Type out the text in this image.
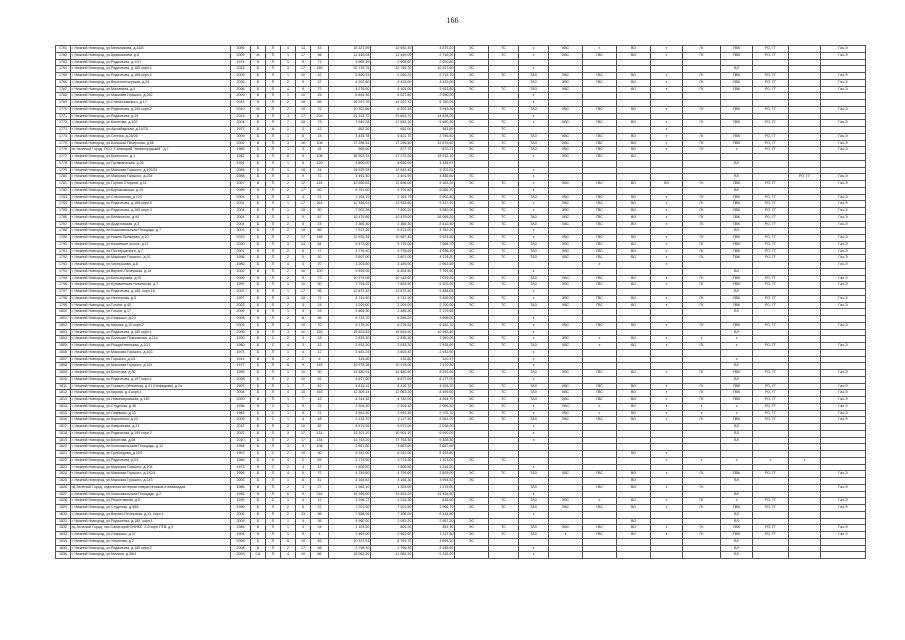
166
1761	г. Нижний Новгород, ул.Мельникова, д.16/8	2006	Б	П	4	13	43	15 337,99	10 692,40	4 879,20	ЭС	ТС	x	ХВС	x	ВО	x	ГК	ПВК	РО, ГГ		Газ-Э
1762	г. Нижний Новгород, ул.Кривошеина, д.6	2009	М	П	1	17	96	11 449,04	11 449,00	2 715,29	ЭС	ТС	x	ХВС	ГВС	ВО	x	ГК	ПВК	РО, ГГ		Газ-Э
1763	г. Нижний Новгород, ул.Родионова, д.11/1	1974	Б	П	1	5	71	3 965,19	2 905,60	2 920,80												
1764	г. Нижний Новгород, ул.Родионова, д.165 корп.1	2023	Б	П	3	17	169	22 733,79	12 745,70	10 317,60	ЭС		x						ВЛ			
1765	г. Нижний Новгород, ул.Родионова, д.165 корп.2	2005	Б	П	1	10	32	2 590,33	2 050,20	2 713,70	ЭС	ТС	ТАЗ	ХВС	ГВС	ВО	x	ГК	ПВК	РО, ГГ		Газ-Э
1766	г. Нижний Новгород, ул.Верхнепечерская, д.24	2005	Б	П	2	9	27	4 202,80	4 433,00	4 433,00	ЭС		ТАЗ	ХВС	ГВС	ВО	x	ГК	ПВК	РО, ГГ		Газ-Э
1767	г. Нижний Новгород, ул.Малинина, д.4	2006	Б	П	4	8	72	4 276,00	4 101,00	3 933,80	ЭС	ТС	ТАЗ	ХВС		ВО	x	ГК	ПВК	РО, ГГ		Газ-Э
1768	г. Нижний Новгород, ул.Максима Горького, д.252	2009	Б	П	1	10	25	6 844,36	6 027,80	2 550,00			x									
1769	г. Нижний Новгород, ул.Станиславского, д.17	2013	Б	П	2	10	66	16 297,76	14 207,70	5 780,09			x									
1770	г. Нижний Новгород, ул.Родионова, д.195 корп.2	2010	М	П	2	10	72	10 302,66	6 202,39	3 943,30	ЭС	ТС	ТАЗ	ХВС	ГВС	ВО	x	ГК	ПВК	РО, ГГ		Газ-Э
1771	г. Нижний Новгород, ул.Родионова, д.29	2013	Б	П	3	17	203	21 313,72	23 653,70	14 828,00			x									
1772	г. Нижний Новгород, ул.Бекетова, д.102	2004	Б	П	7	10	73	7 949,28	17 653,10	5 460,30	ЭС	ТС	x	ХВС	ГВС	ВО	x	ГК	ПВК	РО, ГГ		Газ-Э
1773	г. Нижний Новгород, ул.Ашхабадская, д.14/78	1977	Б	К	1	3	12	652,20	652,00	483,59		ТС					x					
1774	г. Нижний Новгород, ул.Сенная, д.25/26	2009	Б	П	1	6	24	3 435,78	5 821,70	2 759,80	ЭС	ТС	ТАЗ	ХВС	ГВС	ВО	x	ГК	ПВК	РО, ГГ		Газ-Э
1775	г. Нижний Новгород, ул.Большая Печерская, д.66	2002	Б	П	3	16	108	17 296,51	17 296,50	12 876,60	ЭС	ТС	ТАЗ	ХВС	ГВС	ВО	x	ГК	ПВК	РО, ГГ		Газ-Э
1776	пс.Зеленый Город, ОСО "Санаторий "Нижегородский", д.7	1985	Б	П	1	3	24	965,60	877,70	870,71	ЭС	ТС	ТАЗ	ХВС	ГВС	ВО	x	ГК	x	РО, ГГ		Газ-Э
1777	г. Нижний Новгород, ул.Бринского, д.1	1982	Б	П	8	9	108	36 902,78	17 273,20	15 232,10	ЭС		x	ХВС	ГВС	ВО						
1778	г. Нижний Новгород, ул.Провиантская, д.26	1991	Б	П	1	9	120	4 800,00	6 650,00	3 335,57									ВЛ			
1779	г. Нижний Новгород, ул.Максима Горького, д.192/24	2004	Б	П	1	18	44	16 925,78	12 543,40	3 702,81			x									
1780	г. Нижний Новгород, ул.Максима Горького, д.234	1988	Б	П	1	9	72	3 491,50	3 491,90	4 485,60	ТС		x						ВЛ		РО, ГГ	Газ-Э
1781	г. Нижний Новгород, ул.Горная Сторона, д.11	2007	Б	П	2	12	124	10 990,63	12 896,00	9 163,20	ЭС	ТС	x	ХВС	ГВС	ВО	ВЛ	ГК	ПВК	РО, ГГ		Газ-Э
1782	г. Нижний Новгород, ул.Бурнаковская, д.15	2006	Б	П	2	17	60	8 791,60	4 791,80	6 265,70			x						ВЛ			
1783	г. Нижний Новгород, ул.Стеклянная, д.124	2004	Б	П	3	4	21	2 164,79	2 164,79	2 902,80	ЭС	ТС	ТАЗ	ХВС	ГВС	ВО	x	ГК	ПВК	РО, ГГ		Газ-Э
1784	г. Нижний Новгород, ул.Родионова, д.165 корп.5	2001	Б	П	1	17	263	12 335,01	12 933,60	9 317,40	ЭС	ТС	x	ХВС	ГВС	ВО	x	ГК	ПВК	РО, ГГ		Газ-Э
1785	г. Нижний Новгород, ул.Родионова, д.165 корп.3	2004	Б	П	1	10	50	7 902,28	7 400,20	3 580,00	ЭС	ТС	x	ХВС	ГВС	ВО	x	ГК	ПВК	РО, ГГ		Газ-Э
1786	г. Нижний Новгород, ул.Белинского, д.94	2004	Б	П	1	9	67	10 479,86	10 479,00	16 065,20	ЭС	ТС	ТАЗ	ХВС	ГВС	ВО	x	ГК	ПВК	РО, ГГ		Газ-Э
1787	г. Нижний Новгород, ул.Ардатовская, д.5	2004	Б	П	2	5	24	2 365,30	2 365,30	2 442,80	ЭС	ТС	ТАЗ	ХВС	ГВС	ВО	x	ГК	ПВК	РО, ГГ		Газ-Э
1788	г. Нижний Новгород, пл.Комсомольская Площадь, д.7	2003	Б	П	2	10	86	7 517,26	6 474,00	3 762,20			x						ВЛ			
1789	г. Нижний Новгород, ул.Нижне-Волжская, д.10	2023	Б	П	2	17	168	12 935,34	10 587,40	9 924,80	ЭС	ТС	x	ХВС	ГВС	ВО	x	ГК	ПВК	РО, ГГ		Газ-Э
1790	г. Нижний Новгород, ул.Казанское шоссе, д.11	2000	Б	П	3	14	84	9 473,00	5 776,00	7 568,70	ЭС	ТС	ТАЗ	ХВС	ГВС	ВО	x	ГК	ПВК	РО, ГГ		Газ-Э
1791	г. Нижний Новгород, пл.Пестеровского, д.7	2001	Б	П	2	5	17	4 776,40	4 776,60	4 936,30	ЭС	ТС	ТАЗ	ХВС	ГВС	ВО	x	ГК	ПВК	РО, ГГ		Газ-Э
1792	г. Нижний Новгород, ул.Максима Горького, д.52	1996	Б	П	2	5	30	3 607,00	3 607,00	4 724,20	ЭС	ТС	ТАЗ	ХВС	ГВС	ВО	x	ГК	ПВК	РО, ГГ		Газ-Э
1793	г. Нижний Новгород, ул.Чернышова, д.8	1986	Б	П	4	4	70	3 203,60	3 189,90	2 962,50	ЭС				x		x					Газ-Э
1794	г. Нижний Новгород, ул.Верхне-Печерская, д.1а	2002	Б	П	2	10	100	9 539,06	8 454,50	7 701,60			x						ВЛ			
1795	г. Нижний Новгород, ул.Белозерская, д.92	2009	Б	П	2	5	72	10 374,08	10 143,60	7 079,20	ЭС	ТС	ТАЗ	ХВС	ГВС	ВО	x	ГК	ПВК	РО, ГГ		Газ-Э
1796	г. Нижний Новгород, ул.Кунавинская Новинская, д.7	1992	Б	П	1	10	50	7 794,02	7 894,90	5 320,00	ЭС	ТС	ТАЗ	ХВС	ГВС	ВО	x	ГК	ПВК	РО, ГГ		Газ-Э
1797	г. Нижний Новгород, ул.Родионова, д.165, корп.16	2007	Б	П	1	17	96	12 872,32	12 872,30	9 485,05			x						ВЛ			
1798	г. Нижний Новгород, ул.Нестерова, д.5	1997	Б	П	3	10	71	4 741,90	4 741,90	3 495,20	ЭС	ТС	x	ХВС	ГВС	ВО	x	ГК	ПВК	РО, ГГ		Газ-Э
1799	г. Нижний Новгород, ул.Гоголя, д.40	2003	Б	П	2	3	24	3 209,00	3 209,00	2 700,00	ЭС	ТС	ТАЗ	ХВС	ГВС	ВО	x	ГК	ПВК	РО, ГГ		Газ-Э
1800	г. Нижний Новгород, ул.Гоголя, д.17	2009	Б	П	1	5	23	3 469,30	2 485,20	2 179,65									ВЛ			
1801	г. Нижний Новгород, ул.Семашко, д.23	2008	Б	П	2	8	96	8 733,70	6 286,20	3 695,00			x									
1802	г. Нижний Новгород, пр.Кирова, д.10 корп.2	2003	Б	П	3	10	70	6 278,20	6 278,20	6 182,70	ЭС	ТС	x	ХВС	ГВС	ВО	x	ГК	ПВК	РО, ГГ		Газ-Э
1803	г. Нижний Новгород, ул.Родионова, д.165 корп.1	2006	Б	П	3	10	160	15 524,83	15 524,90	10 993,40			x						ВЛ			
1804	г. Нижний Новгород, пл.Большая Покровская, д.11а	1930	Б	С	2	4	18	2 835,30	2 835,30	1 940,00	ЭС	ТС	x	ХВС	x	ВО	x	x	x			
1805	г. Нижний Новгород, ул.Рождественская, д.10/1	1960	Б	С	4	3	12	2 933,30	2 933,20	2 928,60	ЭС	ТС	ТАЗ	ХВС	x	ВО	x	ГК	x	РО, ГГ		Газ-Э
1806	г. Нижний Новгород, ул.Максима Горького, д.163	1974	Б	П	1	4	12	2 643,24	3 603,40	2 942,90			x									
1807	г. Нижний Новгород, пл.Горького, д.4/1	1914	Б	К	2	2	6	315,80	315,80	320,37			x						x			
1808	г. Нижний Новгород, ул.Максима Горького, д.151	1977	Б	П	6	9	163	10 978,38	10 978,00	7 470,30			x						ВЛ			
1809	г. Нижний Новгород, ул.Бекетова, д.39	1995	Б	П	1	10	50	14 480,91	14 480,90	8 292,00	ЭС	ТС	ТАЗ	ХВС	ГВС	ВО	x	ГК	ПВК	РО, ГГ		Газ-Э
1810	г. Нижний Новгород, ул.Родионова, д.197 корп.1	2008	Б	П	2	10	51	6 677,00	6 677,00	6 177,00			x						ВЛ			
1811	г. Нижний Новгород, ул.Горького (Ильинка), д.31 (Нефедова), д.2а	1997	Б	П	1	7	52	4 416,12	4 416,70	4 293,70	ЭС	ТС	ТАЗ	ХВС	ГВС	ВО	x	ГК	ПВК	РО, ГГ		Газ-Э
1812	г. Нижний Новгород, ул.Кирова, д.4 корп.1	2004	Б	П	4	10	163	12 309,14	12 063,20	8 499,60	ЭС	ТС	ТАЗ	ХВС	ГВС	ВО	x	ГК	ПВК	РО, ГГ		Газ-Э
1813	г. Нижний Новгород, ул.Новопокровская, д.13б	2000	Б	П	1	7	43	4 744,32	4 742,00	4 264,70	ЭС	ТС	ТАЗ	ХВС	ГВС	ВО	x	ГК	ПВК	РО, ГГ		Газ-Э
1814	г. Нижний Новгород, ул.Студеная, д.36	1936	Б	С	1	5	21	2 304,30	2 304,30	2 056,40	ЭС	ТС	x	ХВС	x	ВО	x	x	x	РО, ГГ		Газ-Э
1815	г. Нижний Новгород, ул.Семашко, д.33	1983	Б	С	1	5	21	3 943,30	3 943,30	2 702,70	ЭС	ТС	x	ХВС	x	ВО	x	x	x	РО, ГГ		Газ-Э
1816	г. Нижний Новгород, ул.Короленко, д.23	2005	Б	С	1	4	18	2 132,70	2 117,30	2 261,20	ЭС	ТС	ТАЗ	ХВС	ГВС	ВО	x	ГК	ПВК	РО, ГГ		Газ-Э
1817	г. Нижний Новгород, ул.Ковровская, д.21	2012	Б	П	2	10	82	5 571,99	5 971,00	2 038,00			x						ВЛ			
1818	г. Нижний Новгород, ул.Родионова, д.195 корп.2	2022	Б	П	3	17	131	13 101,10	10 901,10	6 990,00			x						ВЛ			
1819	г. Нижний Новгород, ул.Бекетова, д.64	2010	Б	П	2	17	134	13 743,20	17 753,30	9 428,30			x						ВЛ			
1820	г. Нижний Новгород, пл.Комсомольская Площадь, д.12	1958	Б	П	3	5	108	2 667,60	3 667,60	2 667,60												
1821	г. Нижний Новгород, ул.Грибоедова, д.30/1	1957	Б	С	2	10	90	6 242,00	6 242,00	5 193,80						ВО	x					
1822	г. Нижний Новгород, ул.Родионова, д.04	1986	Б	К	4	2	69	3 774,50	3 774,30	1 323,00	ЭС	ТС					x	x	x	x	x	
1823	г. Нижний Новгород, ул.Максима Горького, д.104	1973	Б	С	2	4	12	1 606,50	1 606,50	1 216,20			x									
1824	г. Нижний Новгород, ул.Максима Горького, д.142/4	1996	Б	П	4	5	72	4 799,60	4 799,60	2 809,00	ЭС	ТС	ТАЗ	ХВС	ГВС	ВО	x	ГК	ПВК	РО, ГГ		Газ-Э
1825	г. Нижний Новгород, ул.Максима Горького, д.143	2003	Б	П	1	6	51	4 164,52	4 164,30	3 994,62	ЭС					ВО			ВЛ			
1826	пс.Зеленый Город, отделение интернат неврастеников и инвалидов	1986	Б	П	2	3	27	1 962,10	1 325,00	1 375,00			ТАЗ		ГВС	ВО	x	ГК				Газ-Э
1827	г. Нижний Новгород, пл.Комсомольская Площадь, д.2	1983	Б	П	6	9	216	15 168,60	11 593,20	11 434,50			x						ВЛ			
1828	г. Нижний Новгород, ул.Решетовская, д.5	1939	Б	С	1	4	12	1 296,17	1 214,30	818,60	ЭС	ТС	ТАЗ	ХВС	x	ВО	x	ГК	x	РО, ГГ		Газ-Э
1829	г. Нижний Новгород, ул.Студеная, д.55А	1996	Б	П	2	5	22	7 201,50	7 201,50	3 966,70	ЭС	ТС	ТАЗ	ХВС	ГВС	ВО	x	ГК	ПВК	РО, ГГ		Газ-Э
1830	г. Нижний Новгород, ул.Верхне-Печерская, д.13, корп.1	2006	Б	П	2	33	96	7 558,99	7 398,00	6 144,80			x						ВЛ			
1831	г. Нижний Новгород, ул.Родионова, д.189, корп.1	2009	Б	П	1	9	36	4 960,00	2 952,20	2 957,20	ЭС					ВО			ВЛ			
1832	пс.Зеленый Город, пос.Санаторий ОНИКС, 2-й корп.ПТВ, д.3	1985	Б	П	1	3	24	1 193,50	801,20	451,30	ЭС	ТС	ТАЗ	ХВС	ГВС	ВО	x	ГК	ПВК	РО, ГГ		Газ-Э
1833	г. Нижний Новгород, ул.Семашко, д.37	1994	Б	П	1	5	4	2 469,00	2 461,60	1 117,50	ЭС	ТС	ТАЗ	x	ГВС	ВО	x	ГК	ПВК	РО, ГГ		Газ-Э
1834	г. Нижний Новгород, ул.Ульянова, д.2	2008	Б	П	6	10	46	10 337,31	8 759,70	4 895,10	ЭС								ВЛ			
1835	г. Нижний Новгород, ул.Родионова, д.165 корп.2	2008	Б	П	2	17	68	2 798,30	2 796,30	2 165,60			x						ВЛ			
1836	г. Нижний Новгород, ул.Минина, д.36/4	2003	СА	П	4	10	86	15 062,20	11 062,20	5 245,00			x						ВЛ			
